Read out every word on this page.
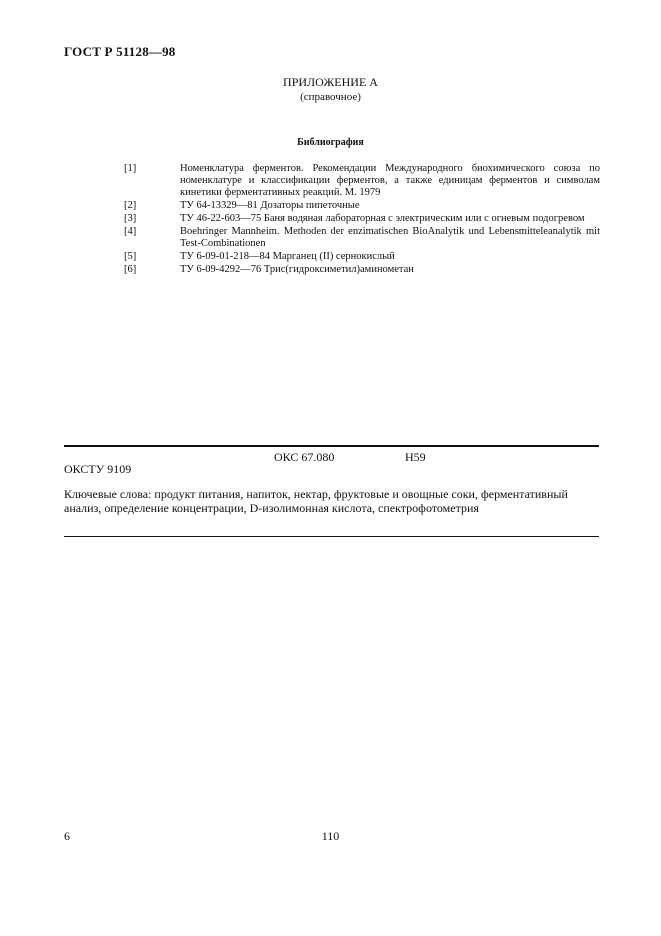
ГОСТ Р 51128—98
ПРИЛОЖЕНИЕ А
(справочное)
Библиография
[1]	Номенклатура ферментов. Рекомендации Международного биохимического союза по номенклатуре и классификации ферментов, а также единицам ферментов и символам кинетики ферментативных реакций. М. 1979
[2]	ТУ 64-13329—81 Дозаторы пипеточные
[3]	ТУ 46-22-603—75 Баня водяная лабораторная с электрическим или с огневым подогревом
[4]	Boehringer Mannheim. Methoden der enzimatischen BioAnalytik und Lebensmitteleanalytik mit Test-Combinationen
[5]	ТУ 6-09-01-218—84 Марганец (II) сернокислый
[6]	ТУ 6-09-4292—76 Трис(гидроксиметил)аминометан
ОКС 67.080	Н59
ОКСТУ 9109
Ключевые слова: продукт питания, напиток, нектар, фруктовые и овощные соки, ферментативный анализ, определение концентрации, D-изолимонная кислота, спектрофотометрия
6	110
